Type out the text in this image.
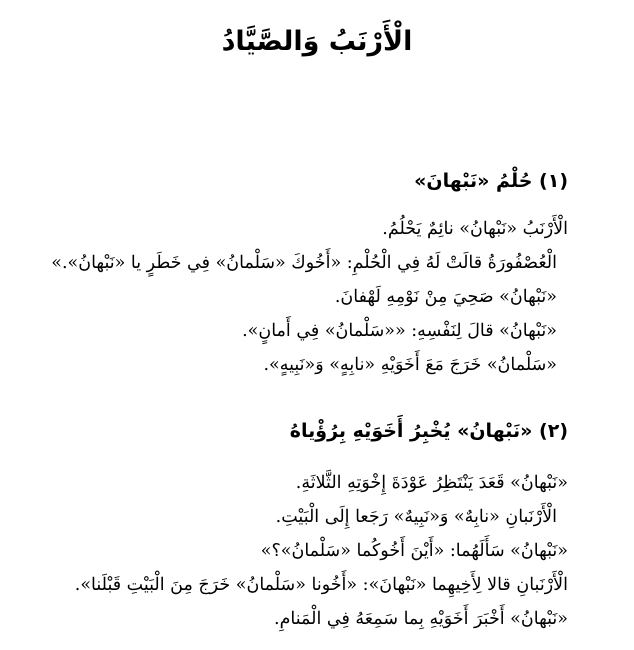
الْأَرْنَبُ وَالصَّيَّادُ
(١) حُلْمُ «نَبْهانَ»
الْأَرْنَبُ «نَبْهانُ» نائِمٌ يَحْلُمُ.
الْعُصْفُورَةُ قالَتْ لَهُ فِي الْحُلْمِ: «أَخُوكَ «سَلْمانُ» فِي خَطَرٍ يا «نَبْهانُ».»
«نَبْهانُ» صَحِيَ مِنْ نَوْمِهِ لَهْفانَ.
«نَبْهانُ» قالَ لِنَفْسِهِ: ««سَلْمانُ» فِي أَمانٍ».
«سَلْمانُ» خَرَجَ مَعَ أَخَوَيْهِ «نابِهٍ» وَ«نَبِيهٍ».
(٢) «نَبْهانُ» يُخْبِرُ أَخَوَيْهِ بِرُؤْياهُ
«نَبْهانُ» قَعَدَ يَنْتَظِرُ عَوْدَةَ إِخْوَتِهِ الثَّلاثَةِ.
الْأَرْنَبانِ «نابِهٌ» وَ«نَبِيهٌ» رَجَعا إِلَى الْبَيْتِ.
«نَبْهانُ» سَأَلَهُما: «أَيْنَ أَخُوكُما «سَلْمانُ»؟»
الْأَرْنَبانِ قالا لِأَخِيهِما «نَبْهانَ»: «أَخُونا «سَلْمانُ» خَرَجَ مِنَ الْبَيْتِ قَبْلَنا».
«نَبْهانُ» أَخْبَرَ أَخَوَيْهِ بِما سَمِعَهُ فِي الْمَنامِ.
